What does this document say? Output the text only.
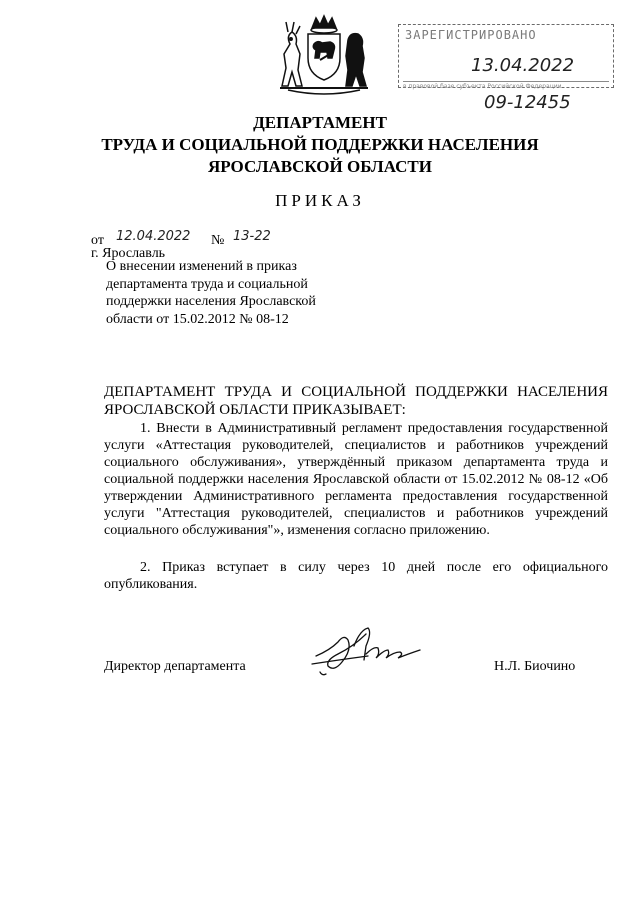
ЗАРЕГИСТРИРОВАНО
13.04.2022
в правовой базе субъекта Российской Федерации
09-12455
ДЕПАРТАМЕНТ
ТРУДА И СОЦИАЛЬНОЙ ПОДДЕРЖКИ НАСЕЛЕНИЯ
ЯРОСЛАВСКОЙ ОБЛАСТИ
ПРИКАЗ
от 12.04.2022 № 13-22
г. Ярославль
О внесении изменений в приказ
департамента труда и социальной
поддержки населения Ярославской
области от 15.02.2012 № 08-12
ДЕПАРТАМЕНТ ТРУДА И СОЦИАЛЬНОЙ ПОДДЕРЖКИ НАСЕЛЕНИЯ ЯРОСЛАВСКОЙ ОБЛАСТИ ПРИКАЗЫВАЕТ:
1. Внести в Административный регламент предоставления государственной услуги «Аттестация руководителей, специалистов и работников учреждений социального обслуживания», утверждённый приказом департамента труда и социальной поддержки населения Ярославской области от 15.02.2012 № 08-12 «Об утверждении Административного регламента предоставления государственной услуги "Аттестация руководителей, специалистов и работников учреждений социального обслуживания"», изменения согласно приложению.
2. Приказ вступает в силу через 10 дней после его официального опубликования.
Директор департамента	Н.Л. Биочино
